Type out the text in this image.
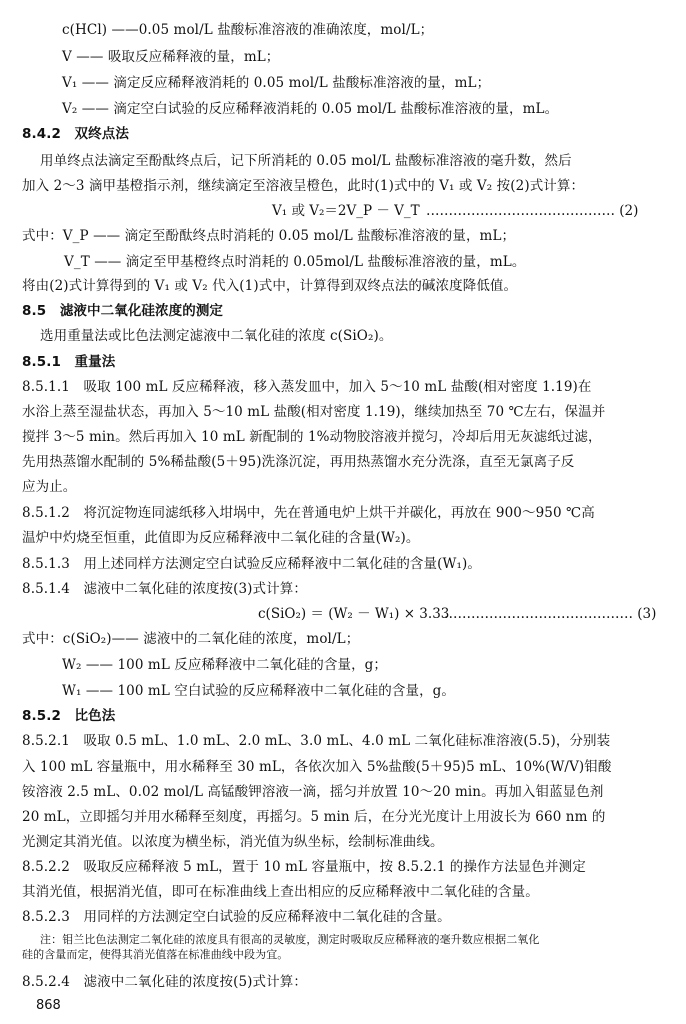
c(HCl) ——0.05 mol/L 盐酸标准溶液的准确浓度，mol/L；
V —— 吸取反应稀释液的量，mL；
V₁ —— 滴定反应稀释液消耗的 0.05 mol/L 盐酸标准溶液的量，mL；
V₂ —— 滴定空白试验的反应稀释液消耗的 0.05 mol/L 盐酸标准溶液的量，mL。
8.4.2　双终点法
用单终点法滴定至酚酞终点后，记下所消耗的 0.05 mol/L 盐酸标准溶液的毫升数，然后
加入 2～3 滴甲基橙指示剂，继续滴定至溶液呈橙色，此时(1)式中的 V₁ 或 V₂ 按(2)式计算：
V₁ 或 V₂＝2V_P － V_T …………………………………… (2)
式中：V_P —— 滴定至酚酞终点时消耗的 0.05 mol/L 盐酸标准溶液的量，mL；
V_T —— 滴定至甲基橙终点时消耗的 0.05mol/L 盐酸标准溶液的量，mL。
将由(2)式计算得到的 V₁ 或 V₂ 代入(1)式中，计算得到双终点法的碱浓度降低值。
8.5　滤液中二氧化硅浓度的测定
选用重量法或比色法测定滤液中二氧化硅的浓度 c(SiO₂)。
8.5.1　重量法
8.5.1.1　吸取 100 mL 反应稀释液，移入蒸发皿中，加入 5～10 mL 盐酸(相对密度 1.19)在
水浴上蒸至湿盐状态，再加入 5～10 mL 盐酸(相对密度 1.19)，继续加热至 70 ℃左右，保温并
搅拌 3～5 min。然后再加入 10 mL 新配制的 1%动物胶溶液并搅匀，冷却后用无灰滤纸过滤，
先用热蒸馏水配制的 5%稀盐酸(5＋95)洗涤沉淀，再用热蒸馏水充分洗涤，直至无氯离子反
应为止。
8.5.1.2　将沉淀物连同滤纸移入坩埚中，先在普通电炉上烘干并碳化，再放在 900～950 ℃高
温炉中灼烧至恒重，此值即为反应稀释液中二氧化硅的含量(W₂)。
8.5.1.3　用上述同样方法测定空白试验反应稀释液中二氧化硅的含量(W₁)。
8.5.1.4　滤液中二氧化硅的浓度按(3)式计算：
c(SiO₂) ＝ (W₂ － W₁) × 3.33
…………………………………… (3)
式中：c(SiO₂)—— 滤液中的二氧化硅的浓度，mol/L；
W₂ —— 100 mL 反应稀释液中二氧化硅的含量，g；
W₁ —— 100 mL 空白试验的反应稀释液中二氧化硅的含量，g。
8.5.2　比色法
8.5.2.1　吸取 0.5 mL、1.0 mL、2.0 mL、3.0 mL、4.0 mL 二氧化硅标准溶液(5.5)，分别装
入 100 mL 容量瓶中，用水稀释至 30 mL，各依次加入 5%盐酸(5＋95)5 mL、10%(W/V)钼酸
铵溶液 2.5 mL、0.02 mol/L 高锰酸钾溶液一滴，摇匀并放置 10～20 min。再加入钼蓝显色剂
20 mL，立即摇匀并用水稀释至刻度，再摇匀。5 min 后，在分光光度计上用波长为 660 nm 的
光测定其消光值。以浓度为横坐标，消光值为纵坐标，绘制标准曲线。
8.5.2.2　吸取反应稀释液 5 mL，置于 10 mL 容量瓶中，按 8.5.2.1 的操作方法显色并测定
其消光值，根据消光值，即可在标准曲线上查出相应的反应稀释液中二氧化硅的含量。
8.5.2.3　用同样的方法测定空白试验的反应稀释液中二氧化硅的含量。
注：钼兰比色法测定二氧化硅的浓度具有很高的灵敏度，测定时吸取反应稀释液的毫升数应根据二氧化
硅的含量而定，使得其消光值落在标准曲线中段为宜。
8.5.2.4　滤液中二氧化硅的浓度按(5)式计算：
868
